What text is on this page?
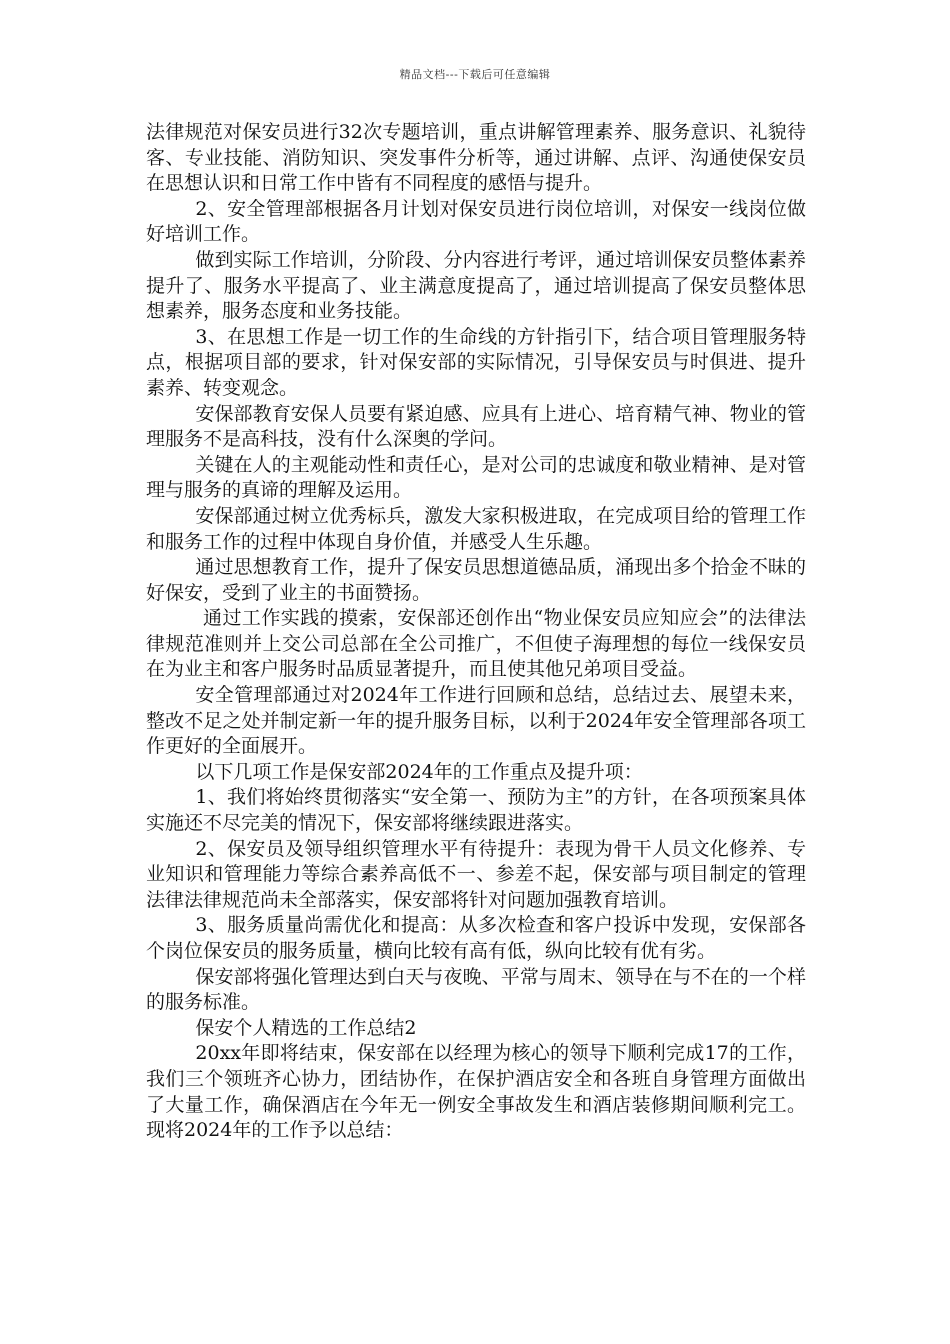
精品文档---下载后可任意编辑

法律规范对保安员进行32次专题培训，重点讲解管理素养、服务意识、礼貌待客、专业技能、消防知识、突发事件分析等，通过讲解、点评、沟通使保安员在思想认识和日常工作中皆有不同程度的感悟与提升。

2、安全管理部根据各月计划对保安员进行岗位培训，对保安一线岗位做好培训工作。

做到实际工作培训，分阶段、分内容进行考评，通过培训保安员整体素养提升了、服务水平提高了、业主满意度提高了，通过培训提高了保安员整体思想素养，服务态度和业务技能。

3、在思想工作是一切工作的生命线的方针指引下，结合项目管理服务特点，根据项目部的要求，针对保安部的实际情况，引导保安员与时俱进、提升素养、转变观念。

安保部教育安保人员要有紧迫感、应具有上进心、培育精气神、物业的管理服务不是高科技，没有什么深奥的学问。

关键在人的主观能动性和责任心，是对公司的忠诚度和敬业精神、是对管理与服务的真谛的理解及运用。

安保部通过树立优秀标兵，激发大家积极进取，在完成项目给的管理工作和服务工作的过程中体现自身价值，并感受人生乐趣。

通过思想教育工作，提升了保安员思想道德品质，涌现出多个拾金不昧的好保安，受到了业主的书面赞扬。

通过工作实践的摸索，安保部还创作出“物业保安员应知应会”的法律法律规范准则并上交公司总部在全公司推广，不但使子海理想的每位一线保安员在为业主和客户服务时品质显著提升，而且使其他兄弟项目受益。

安全管理部通过对2024年工作进行回顾和总结，总结过去、展望未来，整改不足之处并制定新一年的提升服务目标，以利于2024年安全管理部各项工作更好的全面展开。

以下几项工作是保安部2024年的工作重点及提升项：

1、我们将始终贯彻落实“安全第一、预防为主”的方针，在各项预案具体实施还不尽完美的情况下，保安部将继续跟进落实。

2、保安员及领导组织管理水平有待提升：表现为骨干人员文化修养、专业知识和管理能力等综合素养高低不一、参差不起，保安部与项目制定的管理法律法律规范尚未全部落实，保安部将针对问题加强教育培训。

3、服务质量尚需优化和提高：从多次检查和客户投诉中发现，安保部各个岗位保安员的服务质量，横向比较有高有低，纵向比较有优有劣。

保安部将强化管理达到白天与夜晚、平常与周末、领导在与不在的一个样的服务标准。

保安个人精选的工作总结2

20xx年即将结束，保安部在以经理为核心的领导下顺利完成17的工作，我们三个领班齐心协力，团结协作，在保护酒店安全和各班自身管理方面做出了大量工作，确保酒店在今年无一例安全事故发生和酒店装修期间顺利完工。现将2024年的工作予以总结：
